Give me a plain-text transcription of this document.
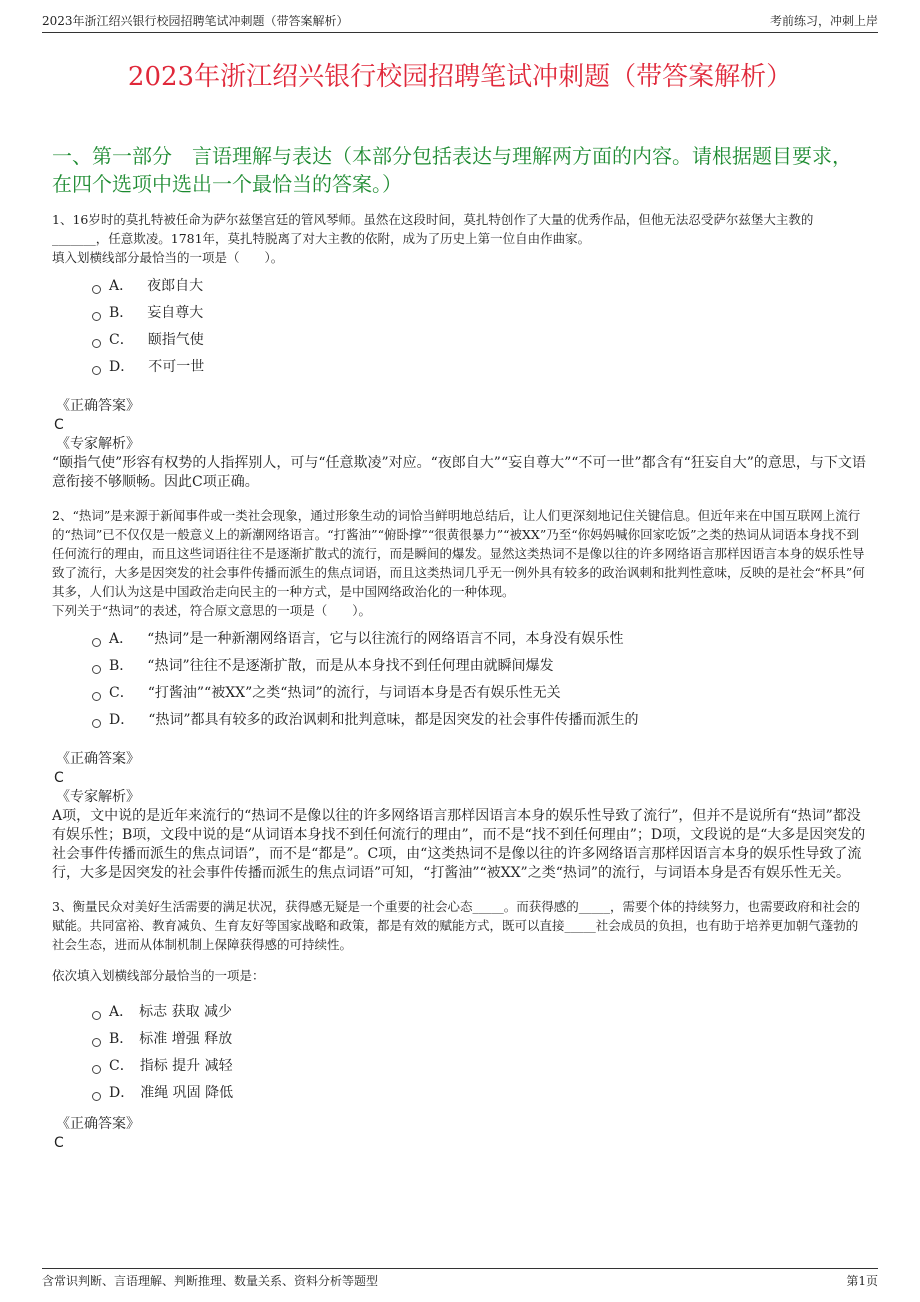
2023年浙江绍兴银行校园招聘笔试冲刺题（带答案解析）	考前练习，冲刺上岸
2023年浙江绍兴银行校园招聘笔试冲刺题（带答案解析）
一、第一部分　言语理解与表达（本部分包括表达与理解两方面的内容。请根据题目要求，在四个选项中选出一个最恰当的答案。）

1、16岁时的莫扎特被任命为萨尔兹堡宫廷的管风琴师。虽然在这段时间，莫扎特创作了大量的优秀作品，但他无法忍受萨尔兹堡大主教的_______，任意欺凌。1781年，莫扎特脱离了对大主教的依附，成为了历史上第一位自由作曲家。

填入划横线部分最恰当的一项是（　　）。

A． 夜郎自大
B． 妄自尊大
C． 颐指气使
D． 不可一世
《正确答案》
C
《专家解析》

“颐指气使”形容有权势的人指挥别人，可与“任意欺凌”对应。“夜郎自大”“妄自尊大”“不可一世”都含有“狂妄自大”的意思，与下文语意衔接不够顺畅。因此C项正确。

2、“热词”是来源于新闻事件或一类社会现象，通过形象生动的词恰当鲜明地总结后，让人们更深刻地记住关键信息。但近年来在中国互联网上流行的“热词”已不仅仅是一般意义上的新潮网络语言。“打酱油”“俯卧撑”“很黄很暴力”“被XX”乃至“你妈妈喊你回家吃饭”之类的热词从词语本身找不到任何流行的理由，而且这些词语往往不是逐渐扩散式的流行，而是瞬间的爆发。显然这类热词不是像以往的许多网络语言那样因语言本身的娱乐性导致了流行，大多是因突发的社会事件传播而派生的焦点词语，而且这类热词几乎无一例外具有较多的政治讽刺和批判性意味，反映的是社会“杯具”何其多，人们认为这是中国政治走向民主的一种方式，是中国网络政治化的一种体现。

下列关于“热词”的表述，符合原文意思的一项是（　　）。

A． “热词”是一种新潮网络语言，它与以往流行的网络语言不同，本身没有娱乐性
B． “热词”往往不是逐渐扩散，而是从本身找不到任何理由就瞬间爆发
C． “打酱油”“被XX”之类“热词”的流行，与词语本身是否有娱乐性无关
D． “热词”都具有较多的政治讽刺和批判意味，都是因突发的社会事件传播而派生的
《正确答案》
C
《专家解析》

A项，文中说的是近年来流行的“热词不是像以往的许多网络语言那样因语言本身的娱乐性导致了流行”，但并不是说所有“热词”都没有娱乐性；B项，文段中说的是“从词语本身找不到任何流行的理由”，而不是“找不到任何理由”；D项，文段说的是“大多是因突发的社会事件传播而派生的焦点词语”，而不是“都是”。C项，由“这类热词不是像以往的许多网络语言那样因语言本身的娱乐性导致了流行，大多是因突发的社会事件传播而派生的焦点词语”可知，“打酱油”“被XX”之类“热词”的流行，与词语本身是否有娱乐性无关。

3、衡量民众对美好生活需要的满足状况，获得感无疑是一个重要的社会心态_____。而获得感的_____，需要个体的持续努力，也需要政府和社会的赋能。共同富裕、教育减负、生育友好等国家战略和政策，都是有效的赋能方式，既可以直接_____社会成员的负担，也有助于培养更加朝气蓬勃的社会生态，进而从体制机制上保障获得感的可持续性。

依次填入划横线部分最恰当的一项是：

A． 标志 获取 减少
B． 标准 增强 释放
C． 指标 提升 减轻
D． 准绳 巩固 降低
《正确答案》
C
含常识判断、言语理解、判断推理、数量关系、资料分析等题型	第1页
